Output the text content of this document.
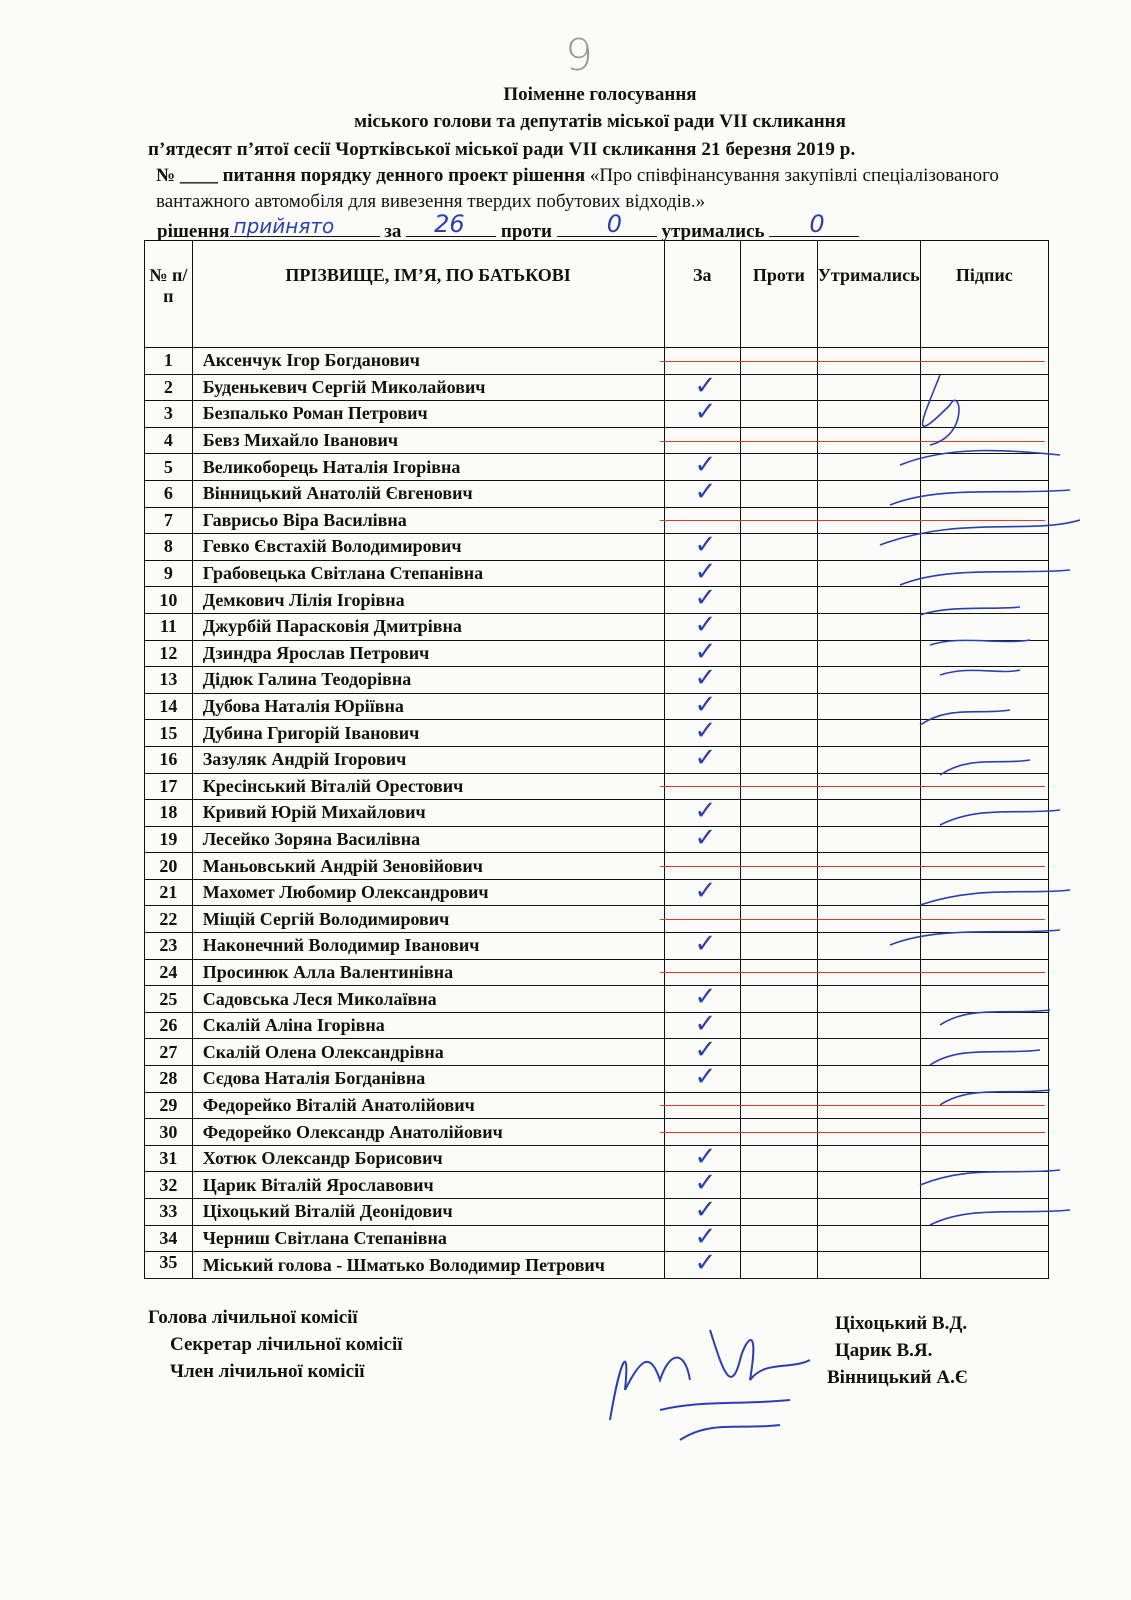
9
Поіменне голосування
міського голови та депутатів міської ради VII скликання
п’ятдесят п’ятої сесії Чортківської міської ради VII скликання 21 березня 2019 р.
№ ____ питання порядку денного проект рішення «Про співфінансування закупівлі спеціалізованого вантажного автомобіля для вивезення твердих побутових відходів.»
рішення прийнято	за 26 проти 0 утримались 0
№ п/п	ПРІЗВИЩЕ, ІМ’Я, ПО БАТЬКОВІ	За	Проти	Утримались	Підпис
1	Аксенчук Ігор Богданович				
2	Буденькевич Сергій Миколайович	✓			

3	Безпалько Роман Петрович	✓			

4	Бевз Михайло Іванович				
5	Великоборець Наталія Ігорівна	✓			

6	Вінницький Анатолій Євгенович	✓			

7	Гаврисьо Віра Василівна				
8	Гевко Євстахій Володимирович	✓			

9	Грабовецька Світлана Степанівна	✓			

10	Демкович Лілія Ігорівна	✓			

11	Джурбій Парасковія Дмитрівна	✓			

12	Дзиндра Ярослав Петрович	✓			

13	Дідюк Галина Теодорівна	✓			

14	Дубова Наталія Юріївна	✓			

15	Дубина Григорій Іванович	✓			

16	Зазуляк Андрій Ігорович	✓			

17	Кресінський Віталій Орестович				
18	Кривий Юрій Михайлович	✓			

19	Лесейко Зоряна Василівна	✓			

20	Маньовський Андрій Зеновійович				
21	Махомет Любомир Олександрович	✓			

22	Міщій Сергій Володимирович				
23	Наконечний Володимир Іванович	✓			

24	Просинюк Алла Валентинівна				
25	Садовська Леся Миколаївна	✓			

26	Скалій Аліна Ігорівна	✓			

27	Скалій Олена Олександрівна	✓			

28	Сєдова Наталія Богданівна	✓			

29	Федорейко Віталій Анатолійович				
30	Федорейко Олександр Анатолійович				
31	Хотюк Олександр Борисович	✓			

32	Царик Віталій Ярославович	✓			

33	Ціхоцький Віталій Деонідович	✓			

34	Черниш Світлана Степанівна	✓			

35	Міський голова - Шматько Володимир Петрович	✓			

Голова лічильної комісії	Ціхоцький В.Д.
Секретар лічильної комісії	Царик В.Я.
Член лічильної комісії	Вінницький А.Є
